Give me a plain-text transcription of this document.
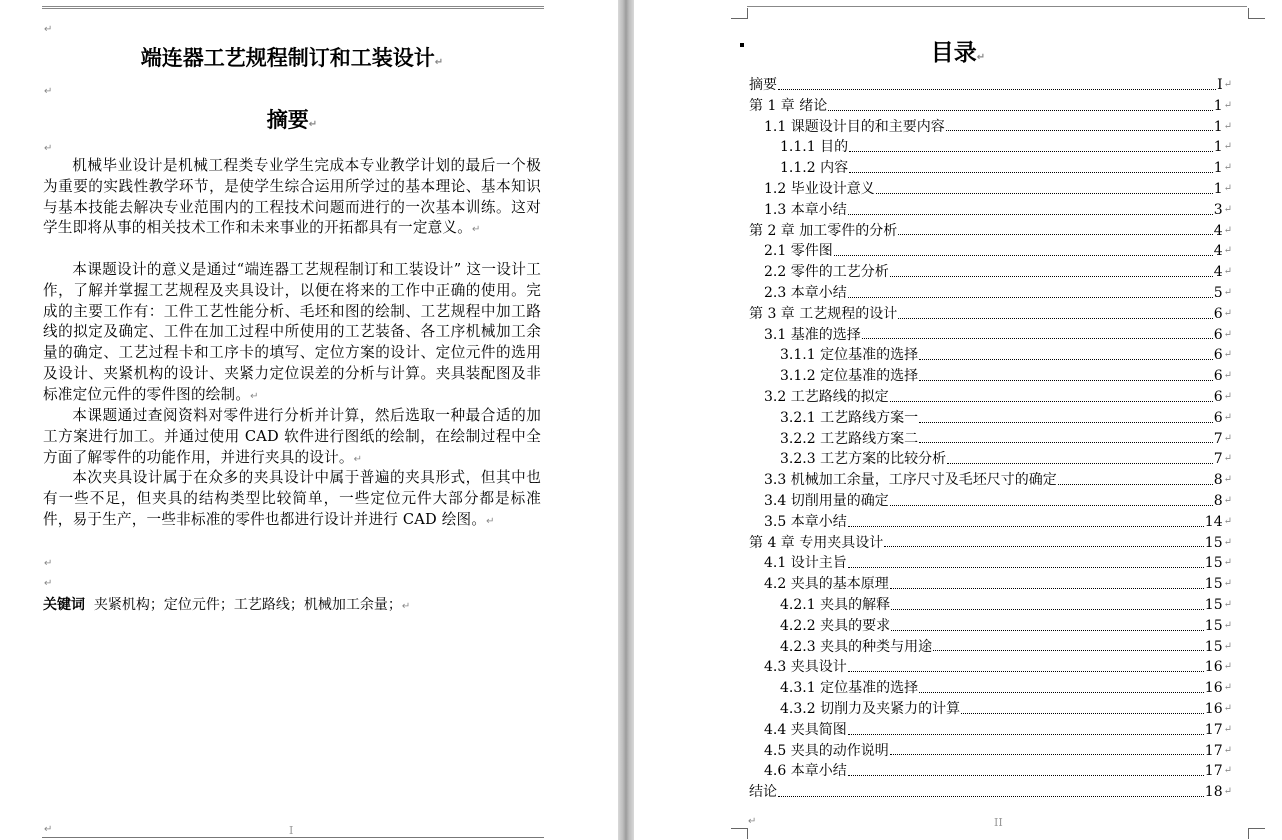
↵
端连器工艺规程制订和工装设计↵
↵
摘要↵
↵

机械毕业设计是机械工程类专业学生完成本专业教学计划的最后一个极为重要的实践性教学环节，是使学生综合运用所学过的基本理论、基本知识与基本技能去解决专业范围内的工程技术问题而进行的一次基本训练。这对学生即将从事的相关技术工作和未来事业的开拓都具有一定意义。↵

本课题设计的意义是通过“端连器工艺规程制订和工装设计” 这一设计工作，了解并掌握工艺规程及夹具设计，以便在将来的工作中正确的使用。完成的主要工作有：工件工艺性能分析、毛坯和图的绘制、工艺规程中加工路线的拟定及确定、工件在加工过程中所使用的工艺装备、各工序机械加工余量的确定、工艺过程卡和工序卡的填写、定位方案的设计、定位元件的选用及设计、夹紧机构的设计、夹紧力定位误差的分析与计算。夹具装配图及非标准定位元件的零件图的绘制。↵

本课题通过查阅资料对零件进行分析并计算，然后选取一种最合适的加工方案进行加工。并通过使用 CAD 软件进行图纸的绘制，在绘制过程中全方面了解零件的功能作用，并进行夹具的设计。↵

本次夹具设计属于在众多的夹具设计中属于普遍的夹具形式，但其中也有一些不足，但夹具的结构类型比较简单，一些定位元件大部分都是标准件，易于生产，一些非标准的零件也都进行设计并进行 CAD 绘图。↵

↵
↵
关键词 夹紧机构；定位元件；工艺路线；机械加工余量；↵
↵	I
目录↵
摘要	I ↵
第 1 章 绪论	1 ↵
1.1 课题设计目的和主要内容	1 ↵
1.1.1 目的	1 ↵
1.1.2 内容	1 ↵
1.2 毕业设计意义	1 ↵
1.3 本章小结	3 ↵
第 2 章 加工零件的分析	4 ↵
2.1 零件图	4 ↵
2.2 零件的工艺分析	4 ↵
2.3 本章小结	5 ↵
第 3 章 工艺规程的设计	6 ↵
3.1 基准的选择	6 ↵
3.1.1 定位基准的选择	6 ↵
3.1.2 定位基准的选择	6 ↵
3.2 工艺路线的拟定	6 ↵
3.2.1 工艺路线方案一	6 ↵
3.2.2 工艺路线方案二	7 ↵
3.2.3 工艺方案的比较分析	7 ↵
3.3 机械加工余量，工序尺寸及毛坯尺寸的确定	8 ↵
3.4 切削用量的确定	8 ↵
3.5 本章小结	14 ↵
第 4 章 专用夹具设计	15 ↵
4.1 设计主旨	15 ↵
4.2 夹具的基本原理	15 ↵
4.2.1 夹具的解释	15 ↵
4.2.2 夹具的要求	15 ↵
4.2.3 夹具的种类与用途	15 ↵
4.3 夹具设计	16 ↵
4.3.1 定位基准的选择	16 ↵
4.3.2 切削力及夹紧力的计算	16 ↵
4.4 夹具简图	17 ↵
4.5 夹具的动作说明	17 ↵
4.6 本章小结	17 ↵
结论	18 ↵
↵	II
